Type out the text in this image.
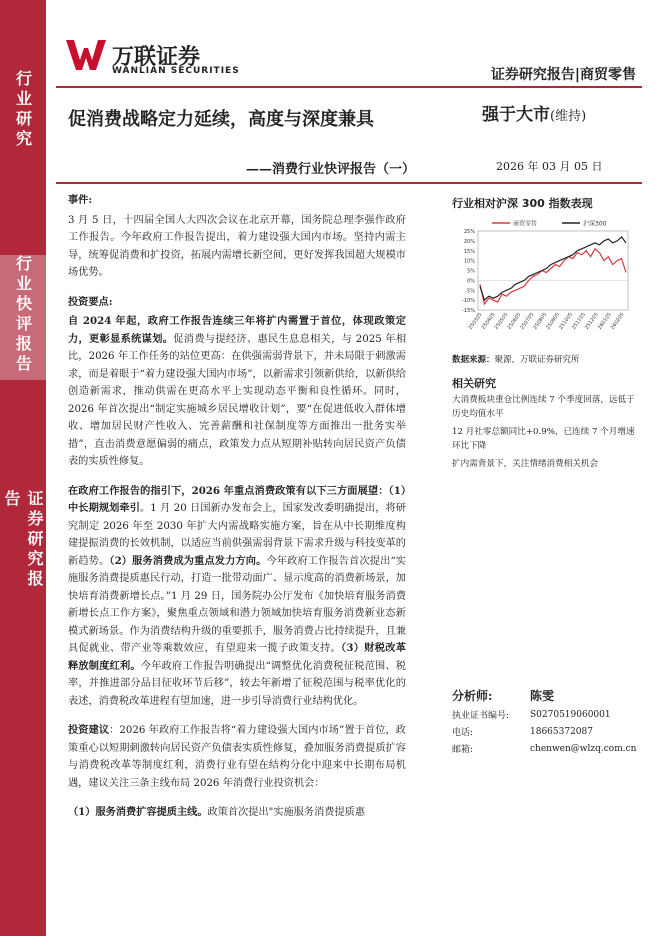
行业研究
行业快评报告
证券研究报告
万联证券
WANLIAN SECURITIES	证券研究报告|商贸零售
促消费战略定力延续，高度与深度兼具
——消费行业快评报告（一）
强于大市(维持)
2026 年 03 月 05 日

事件:

3 月 5 日，十四届全国人大四次会议在北京开幕，国务院总理李强作政府工作报告。今年政府工作报告提出，着力建设强大国内市场。坚持内需主导，统筹促消费和扩投资，拓展内需增长新空间，更好发挥我国超大规模市场优势。

投资要点:

自 2024 年起，政府工作报告连续三年将扩内需置于首位，体现政策定力，更彰显系统谋划。促消费与提经济、惠民生息息相关，与 2025 年相比，2026 年工作任务的站位更高：在供强需弱背景下，并未局限于刺激需求，而是着眼于“着力建设强大国内市场”，以新需求引领新供给，以新供给创造新需求，推动供需在更高水平上实现动态平衡和良性循环。同时，2026 年首次提出“制定实施城乡居民增收计划”，要“在促进低收入群体增收、增加居民财产性收入、完善薪酬和社保制度等方面推出一批务实举措”，直击消费意愿偏弱的痛点，政策发力点从短期补贴转向居民资产负债表的实质性修复。

在政府工作报告的指引下，2026 年重点消费政策有以下三方面展望：（1）中长期规划牵引。1 月 20 日国新办发布会上，国家发改委明确提出，将研究制定 2026 年至 2030 年扩大内需战略实施方案，旨在从中长期维度构建提振消费的长效机制，以适应当前供强需弱背景下需求升级与科技变革的新趋势。（2）服务消费成为重点发力方向。今年政府工作报告首次提出“实施服务消费提质惠民行动，打造一批带动面广、显示度高的消费新场景，加快培育消费新增长点。”1 月 29 日，国务院办公厅发布《加快培育服务消费新增长点工作方案》，聚焦重点领域和潜力领域加快培育服务消费新业态新模式新场景。作为消费结构升级的重要抓手，服务消费占比持续提升，且兼具促就业、带产业等乘数效应，有望迎来一揽子政策支持。（3）财税改革释放制度红利。今年政府工作报告明确提出“调整优化消费税征税范围、税率，并推进部分品目征收环节后移”，较去年新增了征税范围与税率优化的表述，消费税改革进程有望加速，进一步引导消费行业结构优化。

投资建议：2026 年政府工作报告将“着力建设强大国内市场”置于首位，政策重心以短期刺激转向居民资产负债表实质性修复，叠加服务消费提质扩容与消费税改革等制度红利，消费行业有望在结构分化中迎来中长期布局机遇，建议关注三条主线布局 2026 年消费行业投资机会：

（1）服务消费扩容提质主线。政策首次提出"实施服务消费提质惠

行业相对沪深 300 指数表现
25%
20%
15%
10%
5%
0%
-5%
-10%
-15%
250305
250405
250505
250605
250705
250805
250905
251005
251105
251205
260105
260205
商贸零售	沪深300
数据来源：聚源，万联证券研究所
相关研究
大消费板块重仓比例连续 7 个季度回落，远低于历史均值水平
12 月社零总额同比+0.9%，已连续 7 个月增速环比下降
扩内需背景下，关注情绪消费相关机会
分析师:	陈雯
执业证书编号:	S0270519060001
电话:	18665372087
邮箱:	chenwen@wlzq.com.cn
